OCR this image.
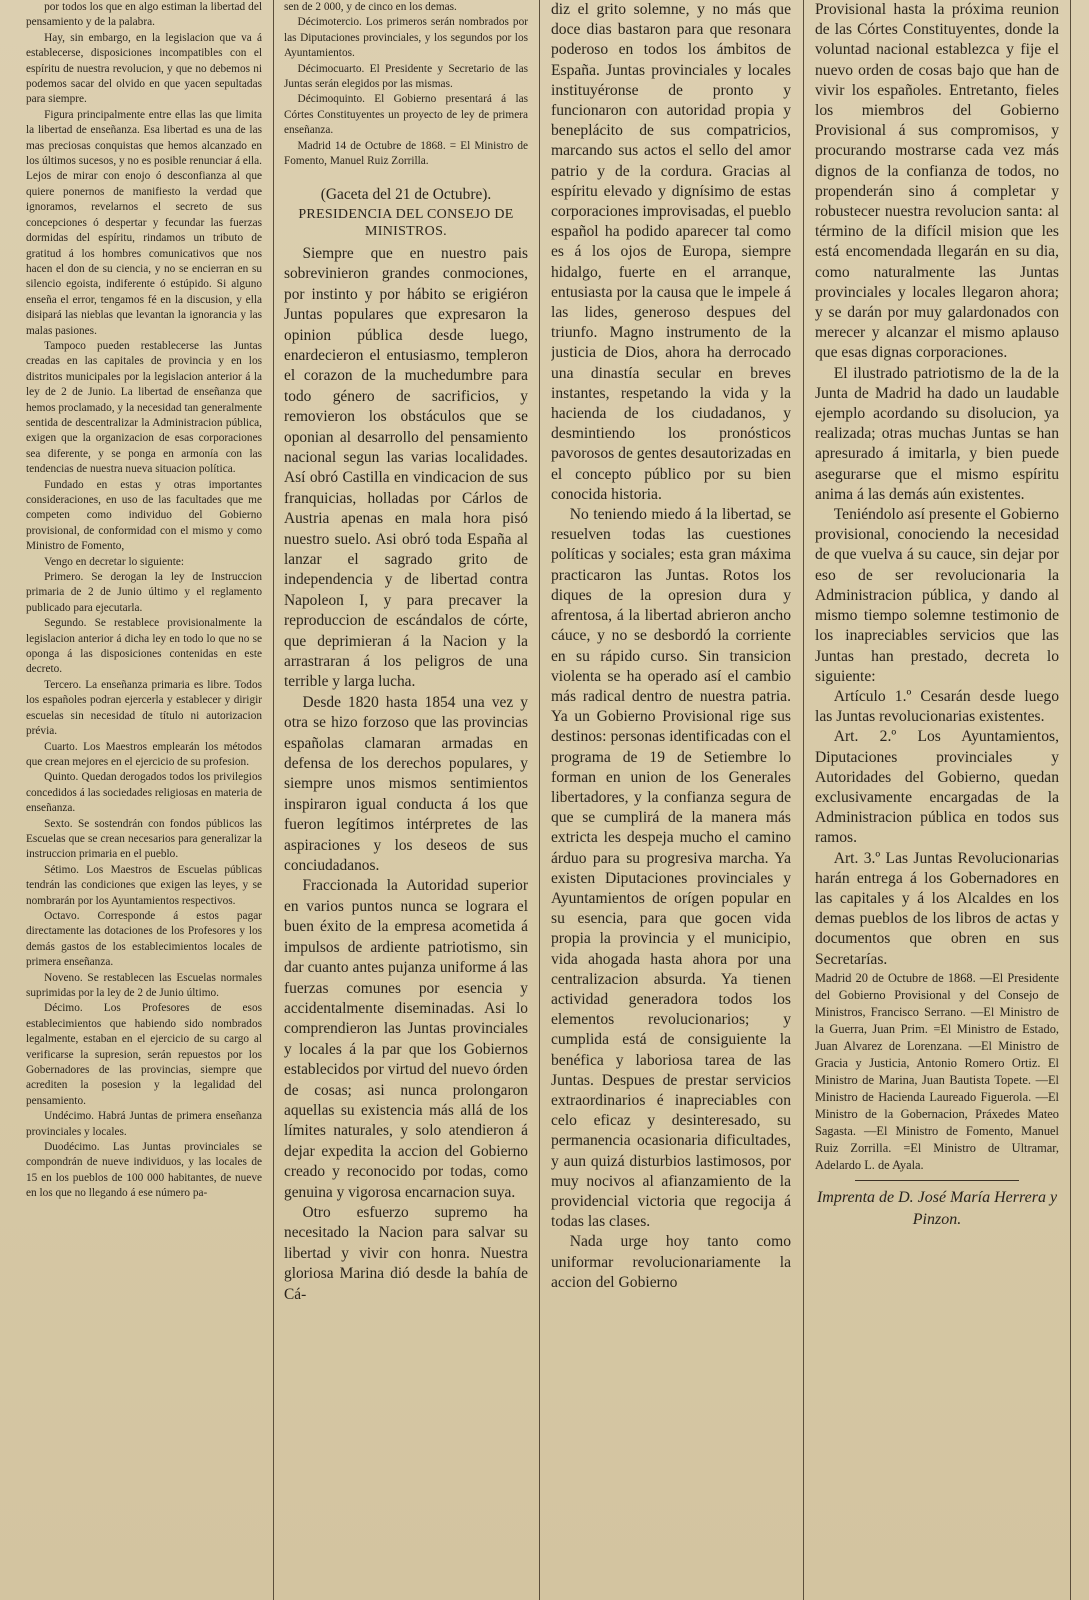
por todos los que en algo estiman la libertad del pensamiento y de la palabra.

Hay, sin embargo, en la legislacion que va á establecerse, disposiciones incompatibles con el espíritu de nuestra revolucion, y que no debemos ni podemos sacar del olvido en que yacen sepultadas para siempre.

Figura principalmente entre ellas las que limita la libertad de enseñanza. Esa libertad es una de las mas preciosas conquistas que hemos alcanzado en los últimos sucesos, y no es posible renunciar á ella. Lejos de mirar con enojo ó desconfianza al que quiere ponernos de manifiesto la verdad que ignoramos, revelarnos el secreto de sus concepciones ó despertar y fecundar las fuerzas dormidas del espíritu, rindamos un tributo de gratitud á los hombres comunicativos que nos hacen el don de su ciencia, y no se encierran en su silencio egoista, indiferente ó estúpido. Si alguno enseña el error, tengamos fé en la discusion, y ella disipará las nieblas que levantan la ignorancia y las malas pasiones.

Tampoco pueden restablecerse las Juntas creadas en las capitales de provincia y en los distritos municipales por la legislacion anterior á la ley de 2 de Junio. La libertad de enseñanza que hemos proclamado, y la necesidad tan generalmente sentida de descentralizar la Administracion pública, exigen que la organizacion de esas corporaciones sea diferente, y se ponga en armonía con las tendencias de nuestra nueva situacion política.

Fundado en estas y otras importantes consideraciones, en uso de las facultades que me competen como individuo del Gobierno provisional, de conformidad con el mismo y como Ministro de Fomento,

Vengo en decretar lo siguiente:

Primero. Se derogan la ley de Instruccion primaria de 2 de Junio último y el reglamento publicado para ejecutarla.

Segundo. Se restablece provisionalmente la legislacion anterior á dicha ley en todo lo que no se oponga á las disposiciones contenidas en este decreto.

Tercero. La enseñanza primaria es libre. Todos los españoles podran ejercerla y establecer y dirigir escuelas sin necesidad de título ni autorizacion prévia.

Cuarto. Los Maestros emplearán los métodos que crean mejores en el ejercicio de su profesion.

Quinto. Quedan derogados todos los privilegios concedidos á las sociedades religiosas en materia de enseñanza.

Sexto. Se sostendrán con fondos públicos las Escuelas que se crean necesarios para generalizar la instruccion primaria en el pueblo.

Sétimo. Los Maestros de Escuelas públicas tendrán las condiciones que exigen las leyes, y se nombrarán por los Ayuntamientos respectivos.

Octavo. Corresponde á estos pagar directamente las dotaciones de los Profesores y los demás gastos de los establecimientos locales de primera enseñanza.

Noveno. Se restablecen las Escuelas normales suprimidas por la ley de 2 de Junio último.

Décimo. Los Profesores de esos establecimientos que habiendo sido nombrados legalmente, estaban en el ejercicio de su cargo al verificarse la supresion, serán repuestos por los Gobernadores de las provincias, siempre que acrediten la posesion y la legalidad del pensamiento.

Undécimo. Habrá Juntas de primera enseñanza provinciales y locales.

Duodécimo. Las Juntas provinciales se compondrán de nueve individuos, y las locales de 15 en los pueblos de 100 000 habitantes, de nueve en los que no llegando á ese número pa-

sen de 2 000, y de cinco en los demas.

Décimotercio. Los primeros serán nombrados por las Diputaciones provinciales, y los segundos por los Ayuntamientos.

Décimocuarto. El Presidente y Secretario de las Juntas serán elegidos por las mismas.

Décimoquinto. El Gobierno presentará á las Córtes Constituyentes un proyecto de ley de primera enseñanza.

Madrid 14 de Octubre de 1868. = El Ministro de Fomento, Manuel Ruiz Zorrilla.

(Gaceta del 21 de Octubre).

PRESIDENCIA DEL CONSEJO DE MINISTROS.

Siempre que en nuestro pais sobrevinieron grandes conmociones, por instinto y por hábito se erigiéron Juntas populares que expresaron la opinion pública desde luego, enardecieron el entusiasmo, templeron el corazon de la muchedumbre para todo género de sacrificios, y removieron los obstáculos que se oponian al desarrollo del pensamiento nacional segun las varias localidades. Así obró Castilla en vindicacion de sus franquicias, holladas por Cárlos de Austria apenas en mala hora pisó nuestro suelo. Asi obró toda España al lanzar el sagrado grito de independencia y de libertad contra Napoleon I, y para precaver la reproduccion de escándalos de córte, que deprimieran á la Nacion y la arrastraran á los peligros de una terrible y larga lucha.

Desde 1820 hasta 1854 una vez y otra se hizo forzoso que las provincias españolas clamaran armadas en defensa de los derechos populares, y siempre unos mismos sentimientos inspiraron igual conducta á los que fueron legítimos intérpretes de las aspiraciones y los deseos de sus conciudadanos.

Fraccionada la Autoridad superior en varios puntos nunca se lograra el buen éxito de la empresa acometida á impulsos de ardiente patriotismo, sin dar cuanto antes pujanza uniforme á las fuerzas comunes por esencia y accidentalmente diseminadas. Asi lo comprendieron las Juntas provinciales y locales á la par que los Gobiernos establecidos por virtud del nuevo órden de cosas; asi nunca prolongaron aquellas su existencia más allá de los límites naturales, y solo atendieron á dejar expedita la accion del Gobierno creado y reconocido por todas, como genuina y vigorosa encarnacion suya.

Otro esfuerzo supremo ha necesitado la Nacion para salvar su libertad y vivir con honra. Nuestra gloriosa Marina dió desde la bahía de Cá-

diz el grito solemne, y no más que doce dias bastaron para que resonara poderoso en todos los ámbitos de España. Juntas provinciales y locales instituyéronse de pronto y funcionaron con autoridad propia y beneplácito de sus compatricios, marcando sus actos el sello del amor patrio y de la cordura. Gracias al espíritu elevado y dignísimo de estas corporaciones improvisadas, el pueblo español ha podido aparecer tal como es á los ojos de Europa, siempre hidalgo, fuerte en el arranque, entusiasta por la causa que le impele á las lides, generoso despues del triunfo. Magno instrumento de la justicia de Dios, ahora ha derrocado una dinastía secular en breves instantes, respetando la vida y la hacienda de los ciudadanos, y desmintiendo los pronósticos pavorosos de gentes desautorizadas en el concepto público por su bien conocida historia.

No teniendo miedo á la libertad, se resuelven todas las cuestiones políticas y sociales; esta gran máxima practicaron las Juntas. Rotos los diques de la opresion dura y afrentosa, á la libertad abrieron ancho cáuce, y no se desbordó la corriente en su rápido curso. Sin transicion violenta se ha operado así el cambio más radical dentro de nuestra patria. Ya un Gobierno Provisional rige sus destinos: personas identificadas con el programa de 19 de Setiembre lo forman en union de los Generales libertadores, y la confianza segura de que se cumplirá de la manera más extricta les despeja mucho el camino árduo para su progresiva marcha. Ya existen Diputaciones provinciales y Ayuntamientos de orígen popular en su esencia, para que gocen vida propia la provincia y el municipio, vida ahogada hasta ahora por una centralizacion absurda. Ya tienen actividad generadora todos los elementos revolucionarios; y cumplida está de consiguiente la benéfica y laboriosa tarea de las Juntas. Despues de prestar servicios extraordinarios é inapreciables con celo eficaz y desinteresado, su permanencia ocasionaria dificultades, y aun quizá disturbios lastimosos, por muy nocivos al afianzamiento de la providencial victoria que regocija á todas las clases.

Nada urge hoy tanto como uniformar revolucionariamente la accion del Gobierno

Provisional hasta la próxima reunion de las Córtes Constituyentes, donde la voluntad nacional establezca y fije el nuevo orden de cosas bajo que han de vivir los españoles. Entretanto, fieles los miembros del Gobierno Provisional á sus compromisos, y procurando mostrarse cada vez más dignos de la confianza de todos, no propenderán sino á completar y robustecer nuestra revolucion santa: al término de la difícil mision que les está encomendada llegarán en su dia, como naturalmente las Juntas provinciales y locales llegaron ahora; y se darán por muy galardonados con merecer y alcanzar el mismo aplauso que esas dignas corporaciones.

El ilustrado patriotismo de la de la Junta de Madrid ha dado un laudable ejemplo acordando su disolucion, ya realizada; otras muchas Juntas se han apresurado á imitarla, y bien puede asegurarse que el mismo espíritu anima á las demás aún existentes.

Teniéndolo así presente el Gobierno provisional, conociendo la necesidad de que vuelva á su cauce, sin dejar por eso de ser revolucionaria la Administracion pública, y dando al mismo tiempo solemne testimonio de los inapreciables servicios que las Juntas han prestado, decreta lo siguiente:

Artículo 1.º Cesarán desde luego las Juntas revolucionarias existentes.

Art. 2.º Los Ayuntamientos, Diputaciones provinciales y Autoridades del Gobierno, quedan exclusivamente encargadas de la Administracion pública en todos sus ramos.

Art. 3.º Las Juntas Revolucionarias harán entrega á los Gobernadores en las capitales y á los Alcaldes en los demas pueblos de los libros de actas y documentos que obren en sus Secretarías.

Madrid 20 de Octubre de 1868. —El Presidente del Gobierno Provisional y del Consejo de Ministros, Francisco Serrano. —El Ministro de la Guerra, Juan Prim. =El Ministro de Estado, Juan Alvarez de Lorenzana. —El Ministro de Gracia y Justicia, Antonio Romero Ortiz. El Ministro de Marina, Juan Bautista Topete. —El Ministro de Hacienda Laureado Figuerola. —El Ministro de la Gobernacion, Práxedes Mateo Sagasta. —El Ministro de Fomento, Manuel Ruiz Zorrilla. =El Ministro de Ultramar, Adelardo L. de Ayala.

Imprenta de D. José María Herrera y Pinzon.
